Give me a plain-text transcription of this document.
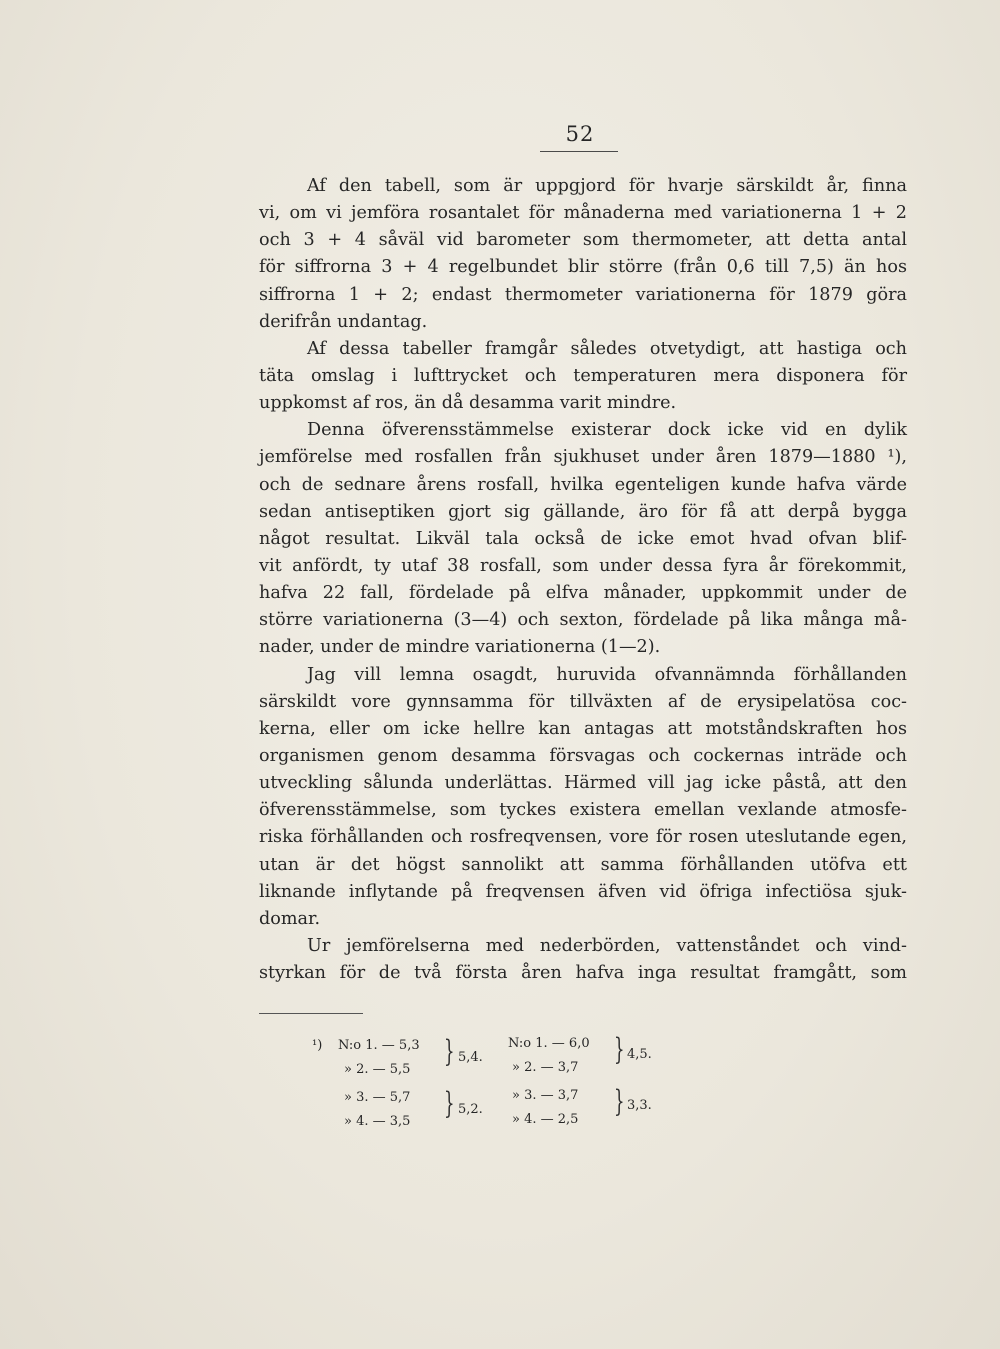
52
Af den tabell, som är uppgjord för hvarje särskildt år, finna
vi, om vi jemföra rosantalet för månaderna med variationerna 1 + 2
och 3 + 4 såväl vid barometer som thermometer, att detta antal
för siffrorna 3 + 4 regelbundet blir större (från 0,6 till 7,5) än hos
siffrorna 1 + 2; endast thermometer variationerna för 1879 göra
derifrån undantag.
Af dessa tabeller framgår således otvetydigt, att hastiga och
täta omslag i lufttrycket och temperaturen mera disponera för
uppkomst af ros, än då desamma varit mindre.
Denna öfverensstämmelse existerar dock icke vid en dylik
jemförelse med rosfallen från sjukhuset under åren 1879—1880 ¹),
och de sednare årens rosfall, hvilka egenteligen kunde hafva värde
sedan antiseptiken gjort sig gällande, äro för få att derpå bygga
något resultat. Likväl tala också de icke emot hvad ofvan blif-
vit anfördt, ty utaf 38 rosfall, som under dessa fyra år förekommit,
hafva 22 fall, fördelade på elfva månader, uppkommit under de
större variationerna (3—4) och sexton, fördelade på lika många må-
nader, under de mindre variationerna (1—2).
Jag vill lemna osagdt, huruvida ofvannämnda förhållanden
särskildt vore gynnsamma för tillväxten af de erysipelatösa coc-
kerna, eller om icke hellre kan antagas att motståndskraften hos
organismen genom desamma försvagas och cockernas inträde och
utveckling sålunda underlättas. Härmed vill jag icke påstå, att den
öfverensstämmelse, som tyckes existera emellan vexlande atmosfe-
riska förhållanden och rosfreqvensen, vore för rosen uteslutande egen,
utan är det högst sannolikt att samma förhållanden utöfva ett
liknande inflytande på freqvensen äfven vid öfriga infectiösa sjuk-
domar.
Ur jemförelserna med nederbörden, vattenståndet och vind-
styrkan för de två första åren hafva inga resultat framgått, som
¹) N:o 1. — 5,3
» 2. — 5,5
} 5,4.
» 3. — 5,7
» 4. — 3,5
} 5,2.
N:o 1. — 6,0
» 2. — 3,7
} 4,5.
» 3. — 3,7
» 4. — 2,5
} 3,3.
